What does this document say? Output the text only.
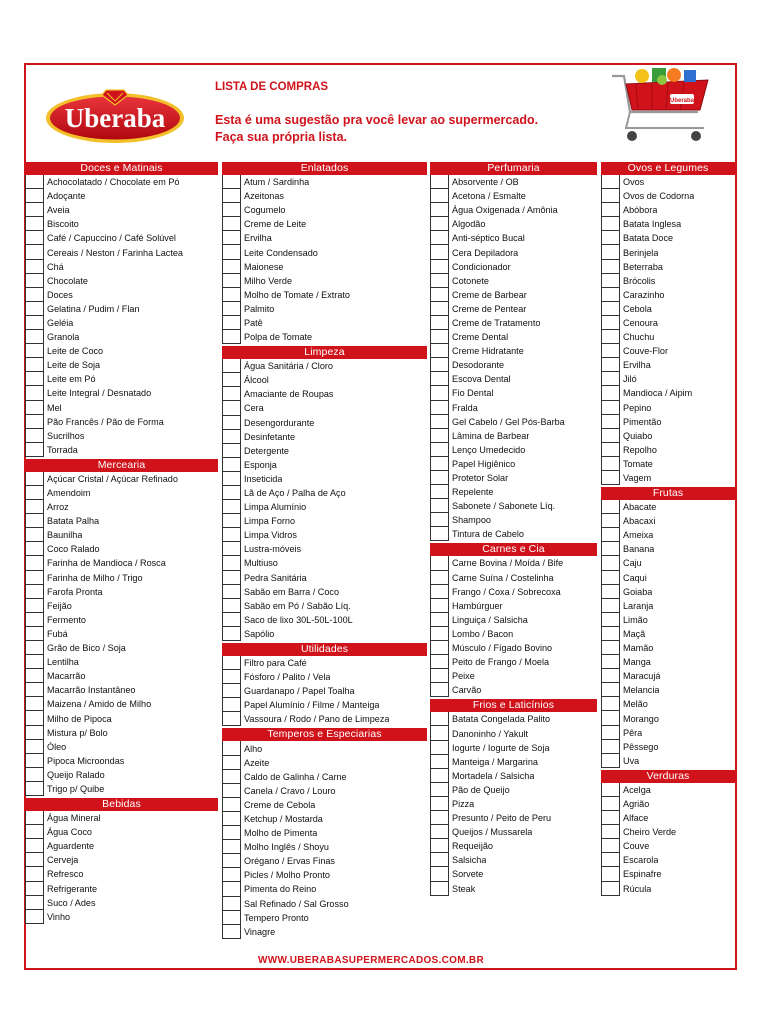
Uberaba
LISTA DE COMPRAS
Esta é uma sugestão pra você levar ao supermercado.
Faça sua própria lista.
Uberaba
Doces e Matinais
Achocolatado / Chocolate em Pó
Adoçante
Aveia
Biscoito
Café / Capuccino / Café Solúvel
Cereais / Neston / Farinha Lactea
Chá
Chocolate
Doces
Gelatina / Pudim / Flan
Geléia
Granola
Leite de Coco
Leite de Soja
Leite em Pó
Leite Integral / Desnatado
Mel
Pão Francês / Pão de Forma
Sucrilhos
Torrada
Mercearia
Açúcar Cristal / Açúcar Refinado
Amendoim
Arroz
Batata Palha
Baunilha
Coco Ralado
Farinha de Mandioca / Rosca
Farinha de Milho / Trigo
Farofa Pronta
Feijão
Fermento
Fubá
Grão de Bico / Soja
Lentilha
Macarrão
Macarrão Instantâneo
Maizena / Amido de Milho
Milho de Pipoca
Mistura p/ Bolo
Óleo
Pipoca Microondas
Queijo Ralado
Trigo p/ Quibe
Bebidas
Água Mineral
Água Coco
Aguardente
Cerveja
Refresco
Refrigerante
Suco / Ades
Vinho
Enlatados
Atum / Sardinha
Azeitonas
Cogumelo
Creme de Leite
Ervilha
Leite Condensado
Maionese
Milho Verde
Molho de Tomate / Extrato
Palmito
Patê
Polpa de Tomate
Limpeza
Água Sanitária / Cloro
Álcool
Amaciante de Roupas
Cera
Desengordurante
Desinfetante
Detergente
Esponja
Inseticida
Lã de Aço / Palha de Aço
Limpa Alumínio
Limpa Forno
Limpa Vidros
Lustra-móveis
Multiuso
Pedra Sanitária
Sabão em Barra / Coco
Sabão em Pó / Sabão Líq.
Saco de lixo 30L-50L-100L
Sapólio
Utilidades
Filtro para Café
Fósforo / Palito / Vela
Guardanapo / Papel Toalha
Papel Alumínio / Filme / Manteiga
Vassoura / Rodo / Pano de Limpeza
Temperos e Especiarias
Alho
Azeite
Caldo de Galinha / Carne
Canela / Cravo / Louro
Creme de Cebola
Ketchup / Mostarda
Molho de Pimenta
Molho Inglês / Shoyu
Orégano / Ervas Finas
Picles / Molho Pronto
Pimenta do Reino
Sal Refinado / Sal Grosso
Tempero Pronto
Vinagre
Perfumaria
Absorvente / OB
Acetona / Esmalte
Água Oxigenada / Amônia
Algodão
Anti-séptico Bucal
Cera Depiladora
Condicionador
Cotonete
Creme de Barbear
Creme de Pentear
Creme de Tratamento
Creme Dental
Creme Hidratante
Desodorante
Escova Dental
Fio Dental
Fralda
Gel Cabelo / Gel Pós-Barba
Lâmina de Barbear
Lenço Umedecido
Papel Higiênico
Protetor Solar
Repelente
Sabonete / Sabonete Líq.
Shampoo
Tintura de Cabelo
Carnes e Cia
Carne Bovina / Moída / Bife
Carne Suína / Costelinha
Frango / Coxa / Sobrecoxa
Hambúrguer
Linguiça / Salsicha
Lombo / Bacon
Músculo / Fígado Bovino
Peito de Frango / Moela
Peixe
Carvão
Frios e Laticínios
Batata Congelada Palito
Danoninho / Yakult
Iogurte / Iogurte de Soja
Manteiga / Margarina
Mortadela / Salsicha
Pão de Queijo
Pizza
Presunto / Peito de Peru
Queijos / Mussarela
Requeijão
Salsicha
Sorvete
Steak
Ovos e Legumes
Ovos
Ovos de Codorna
Abóbora
Batata Inglesa
Batata Doce
Berinjela
Beterraba
Brócolis
Carazinho
Cebola
Cenoura
Chuchu
Couve-Flor
Ervilha
Jiló
Mandioca / Aipim
Pepino
Pimentão
Quiabo
Repolho
Tomate
Vagem
Frutas
Abacate
Abacaxi
Ameixa
Banana
Caju
Caqui
Goiaba
Laranja
Limão
Maçã
Mamão
Manga
Maracujá
Melancia
Melão
Morango
Pêra
Pêssego
Uva
Verduras
Acelga
Agrião
Alface
Cheiro Verde
Couve
Escarola
Espinafre
Rúcula
WWW.UBERABASUPERMERCADOS.COM.BR
